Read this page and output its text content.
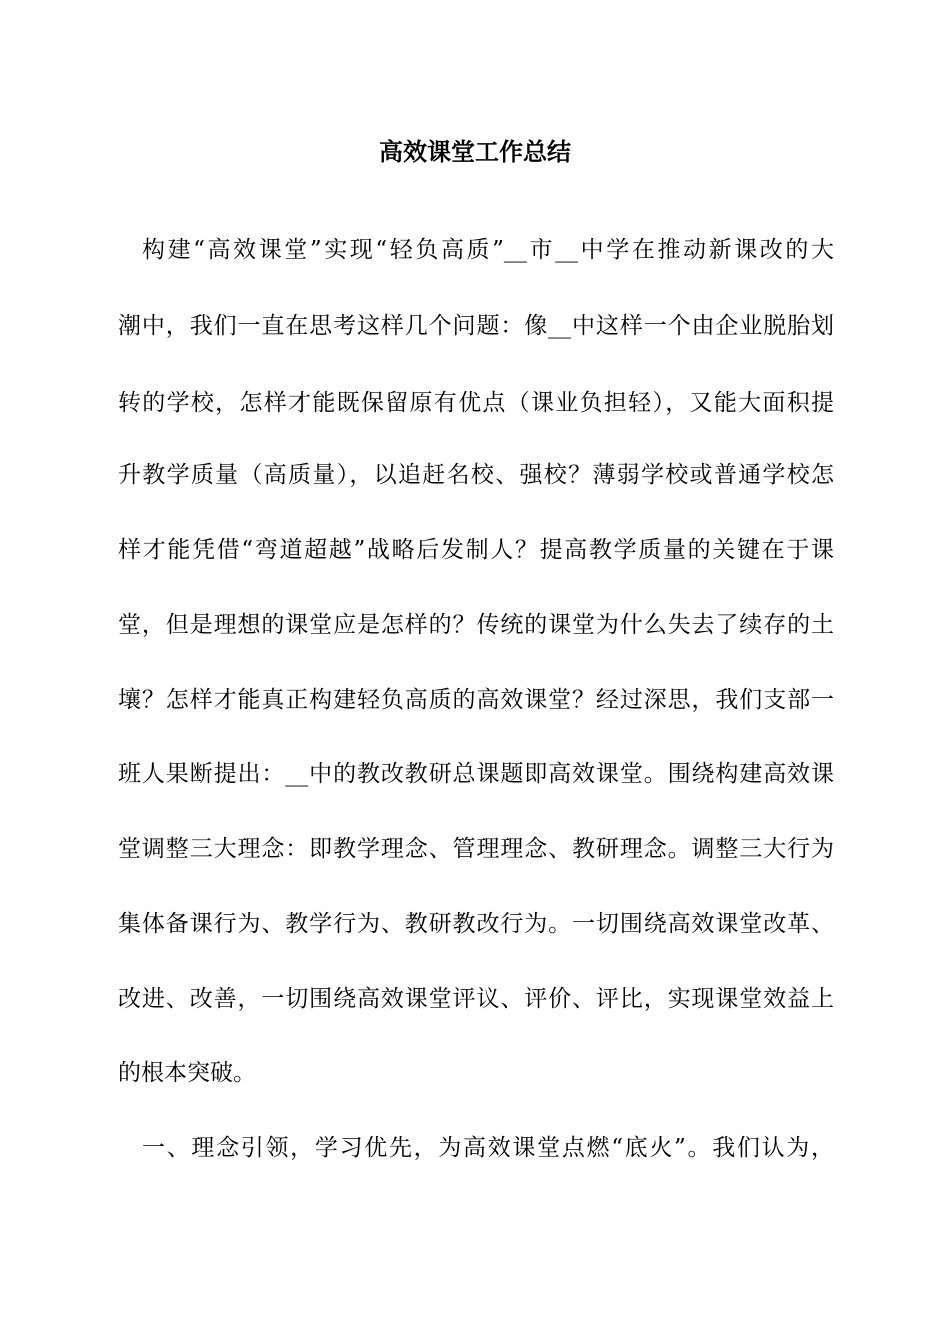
高效课堂工作总结

构建“高效课堂”实现“轻负高质”__市__中学在推动新课改的大

潮中，我们一直在思考这样几个问题：像__中这样一个由企业脱胎划

转的学校，怎样才能既保留原有优点（课业负担轻），又能大面积提

升教学质量（高质量），以追赶名校、强校？薄弱学校或普通学校怎

样才能凭借“弯道超越”战略后发制人？提高教学质量的关键在于课

堂，但是理想的课堂应是怎样的？传统的课堂为什么失去了续存的土

壤？怎样才能真正构建轻负高质的高效课堂？经过深思，我们支部一

班人果断提出：__中的教改教研总课题即高效课堂。围绕构建高效课

堂调整三大理念：即教学理念、管理理念、教研理念。调整三大行为

集体备课行为、教学行为、教研教改行为。一切围绕高效课堂改革、

改进、改善，一切围绕高效课堂评议、评价、评比，实现课堂效益上

的根本突破。

一、理念引领，学习优先，为高效课堂点燃“底火”。我们认为，
